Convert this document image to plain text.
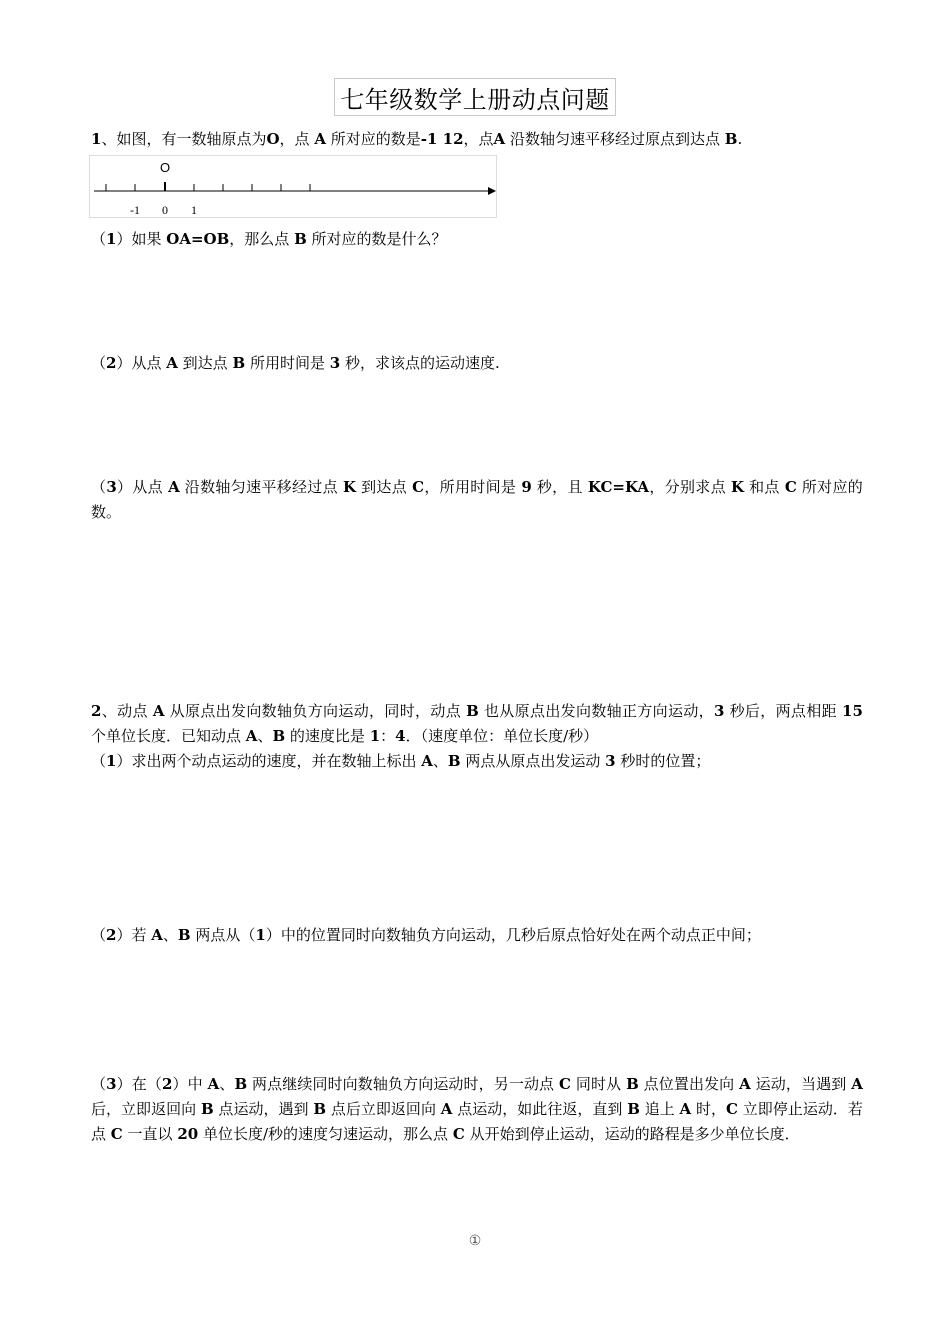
七年级数学上册动点问题
1、如图，有一数轴原点为O，点 A 所对应的数是-1 12，点A 沿数轴匀速平移经过原点到达点 B.
O
-1 0 1
（1）如果 OA=OB，那么点 B 所对应的数是什么？
（2）从点 A 到达点 B 所用时间是 3 秒，求该点的运动速度.
（3）从点 A 沿数轴匀速平移经过点 K 到达点 C，所用时间是 9 秒，且 KC=KA，分别求点 K 和点 C 所对应的数。
2、动点 A 从原点出发向数轴负方向运动，同时，动点 B 也从原点出发向数轴正方向运动，3 秒后，两点相距 15 个单位长度．已知动点 A、B 的速度比是 1：4．（速度单位：单位长度/秒）
（1）求出两个动点运动的速度，并在数轴上标出 A、B 两点从原点出发运动 3 秒时的位置；
（2）若 A、B 两点从（1）中的位置同时向数轴负方向运动，几秒后原点恰好处在两个动点正中间；
（3）在（2）中 A、B 两点继续同时向数轴负方向运动时，另一动点 C 同时从 B 点位置出发向 A 运动，当遇到 A 后，立即返回向 B 点运动，遇到 B 点后立即返回向 A 点运动，如此往返，直到 B 追上 A 时，C 立即停止运动．若点 C 一直以 20 单位长度/秒的速度匀速运动，那么点 C 从开始到停止运动，运动的路程是多少单位长度．
①
